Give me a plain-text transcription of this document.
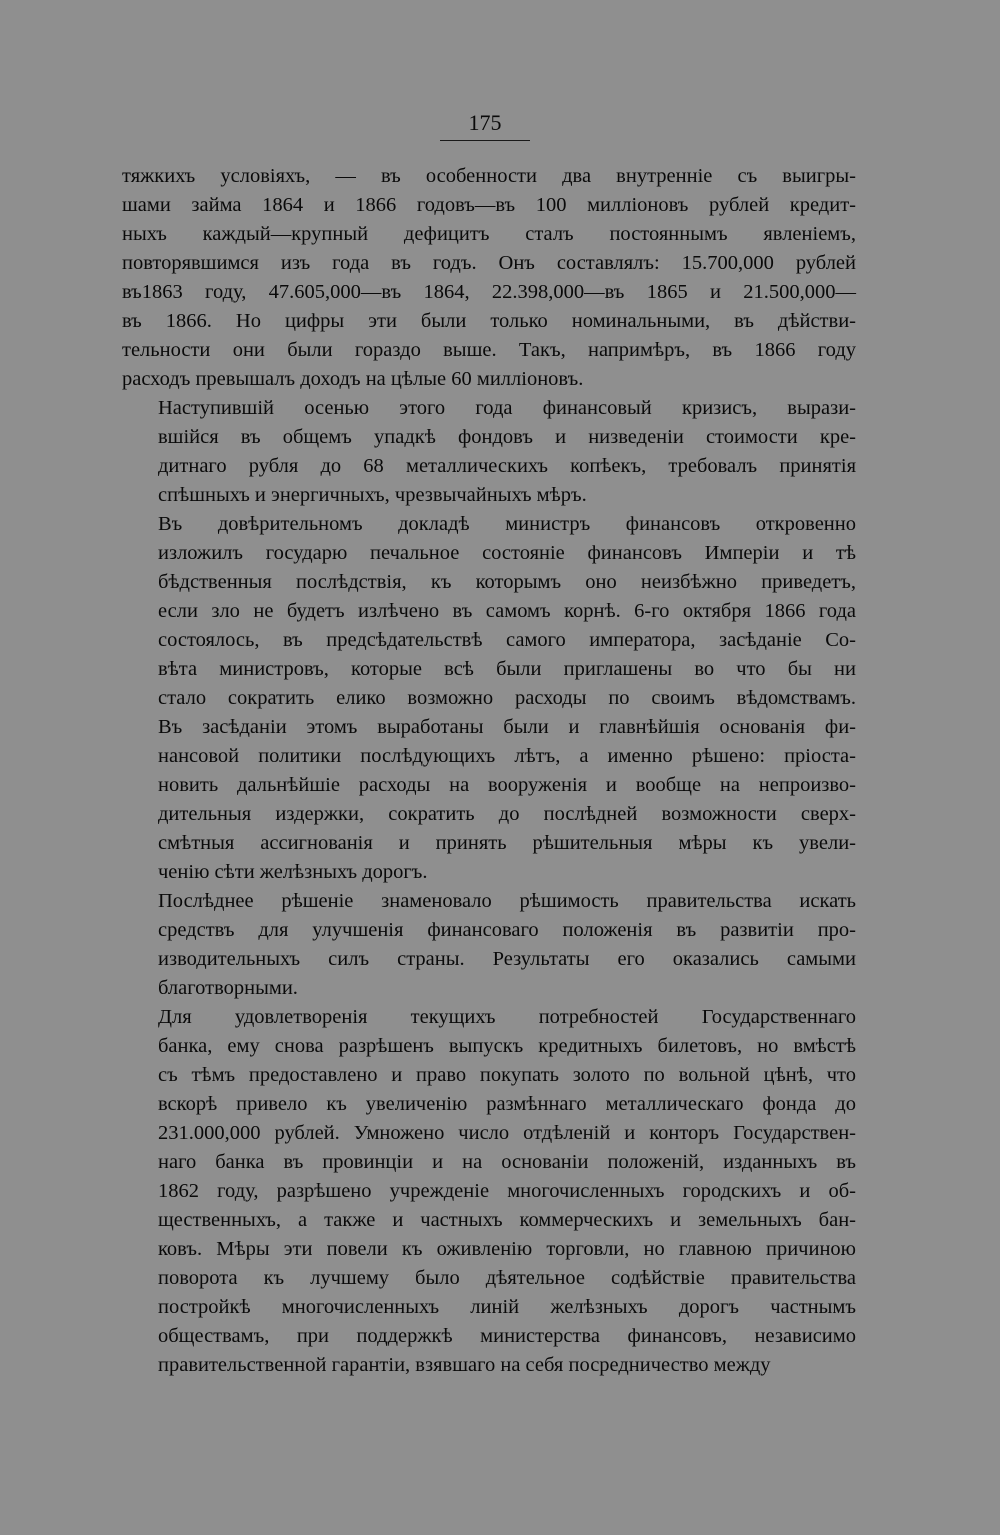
175
тяжкихъ условіяхъ, — въ особенности два внутренніе съ выигры-
шами займа 1864 и 1866 годовъ—въ 100 милліоновъ рублей кредит-
ныхъ каждый—крупный дефицитъ сталъ постояннымъ явленіемъ,
повторявшимся изъ года въ годъ. Онъ составлялъ: 15.700,000 рублей
въ1863 году, 47.605,000—въ 1864, 22.398,000—въ 1865 и 21.500,000—
въ 1866. Но цифры эти были только номинальными, въ дѣйстви-
тельности они были гораздо выше. Такъ, напримѣръ, въ 1866 году
расходъ превышалъ доходъ на цѣлые 60 милліоновъ.
Наступившій осенью этого года финансовый кризисъ, вырази-
вшійся въ общемъ упадкѣ фондовъ и низведеніи стоимости кре-
дитнаго рубля до 68 металлическихъ копѣекъ, требовалъ принятія
спѣшныхъ и энергичныхъ, чрезвычайныхъ мѣръ.
Въ довѣрительномъ докладѣ министръ финансовъ откровенно
изложилъ государю печальное состояніе финансовъ Имперіи и тѣ
бѣдственныя послѣдствія, къ которымъ оно неизбѣжно приведетъ,
если зло не будетъ излѣчено въ самомъ корнѣ. 6-го октября 1866 года
состоялось, въ предсѣдательствѣ самого императора, засѣданіе Со-
вѣта министровъ, которые всѣ были приглашены во что бы ни
стало сократить елико возможно расходы по своимъ вѣдомствамъ.
Въ засѣданіи этомъ выработаны были и главнѣйшія основанія фи-
нансовой политики послѣдующихъ лѣтъ, а именно рѣшено: пріоста-
новить дальнѣйшіе расходы на вооруженія и вообще на непроизво-
дительныя издержки, сократить до послѣдней возможности сверх-
смѣтныя ассигнованія и принять рѣшительныя мѣры къ увели-
ченію сѣти желѣзныхъ дорогъ.
Послѣднее рѣшеніе знаменовало рѣшимость правительства искать
средствъ для улучшенія финансоваго положенія въ развитіи про-
изводительныхъ силъ страны. Результаты его оказались самыми
благотворными.
Для удовлетворенія текущихъ потребностей Государственнаго
банка, ему снова разрѣшенъ выпускъ кредитныхъ билетовъ, но вмѣстѣ
съ тѣмъ предоставлено и право покупать золото по вольной цѣнѣ, что
вскорѣ привело къ увеличенію размѣннаго металлическаго фонда до
231.000,000 рублей. Умножено число отдѣленій и конторъ Государствен-
наго банка въ провинціи и на основаніи положеній, изданныхъ въ
1862 году, разрѣшено учрежденіе многочисленныхъ городскихъ и об-
щественныхъ, а также и частныхъ коммерческихъ и земельныхъ бан-
ковъ. Мѣры эти повели къ оживленію торговли, но главною причиною
поворота къ лучшему было дѣятельное содѣйствіе правительства
постройкѣ многочисленныхъ линій желѣзныхъ дорогъ частнымъ
обществамъ, при поддержкѣ министерства финансовъ, независимо
правительственной гарантіи, взявшаго на себя посредничество между
